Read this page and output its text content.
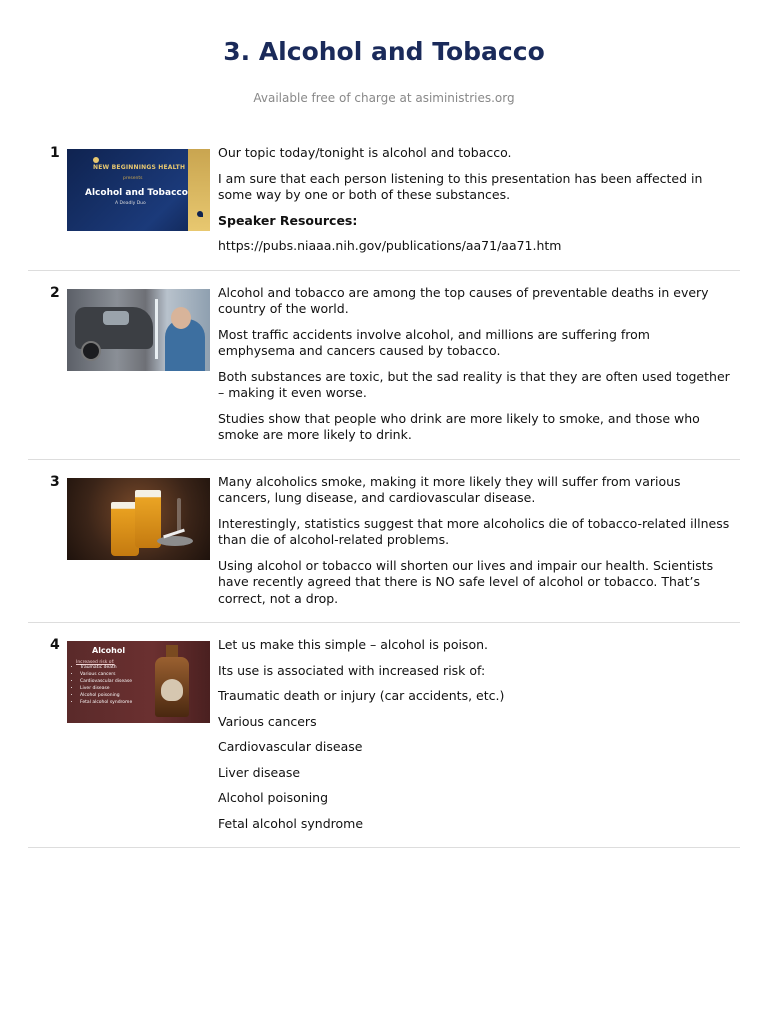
3. Alcohol and Tobacco
Available free of charge at asiministries.org
1
NEW BEGINNINGS HEALTH
presents
Alcohol and Tobacco
A Deadly Duo

Our topic today/tonight is alcohol and tobacco.

I am sure that each person listening to this presentation has been affected in some way by one or both of these substances.

Speaker Resources:

https://pubs.niaaa.nih.gov/publications/aa71/aa71.htm

2	Alcohol and tobacco are among the top causes of preventable deaths in every country of the world.

Most traffic accidents involve alcohol, and millions are suffering from emphysema and cancers caused by tobacco.

Both substances are toxic, but the sad reality is that they are often used together – making it even worse.

Studies show that people who drink are more likely to smoke, and those who smoke are more likely to drink.

3	Many alcoholics smoke, making it more likely they will suffer from various cancers, lung disease, and cardiovascular disease.

Interestingly, statistics suggest that more alcoholics die of tobacco-related illness than die of alcohol-related problems.

Using alcohol or tobacco will shorten our lives and impair our health. Scientists have recently agreed that there is NO safe level of alcohol or tobacco. That’s correct, not a drop.

4	Alcohol
Increased risk of:
• Traumatic death
• Various cancers
• Cardiovascular disease
• Liver disease
• Alcohol poisoning
• Fetal alcohol syndrome

Let us make this simple – alcohol is poison.

Its use is associated with increased risk of:

Traumatic death or injury (car accidents, etc.)

Various cancers

Cardiovascular disease

Liver disease

Alcohol poisoning

Fetal alcohol syndrome
